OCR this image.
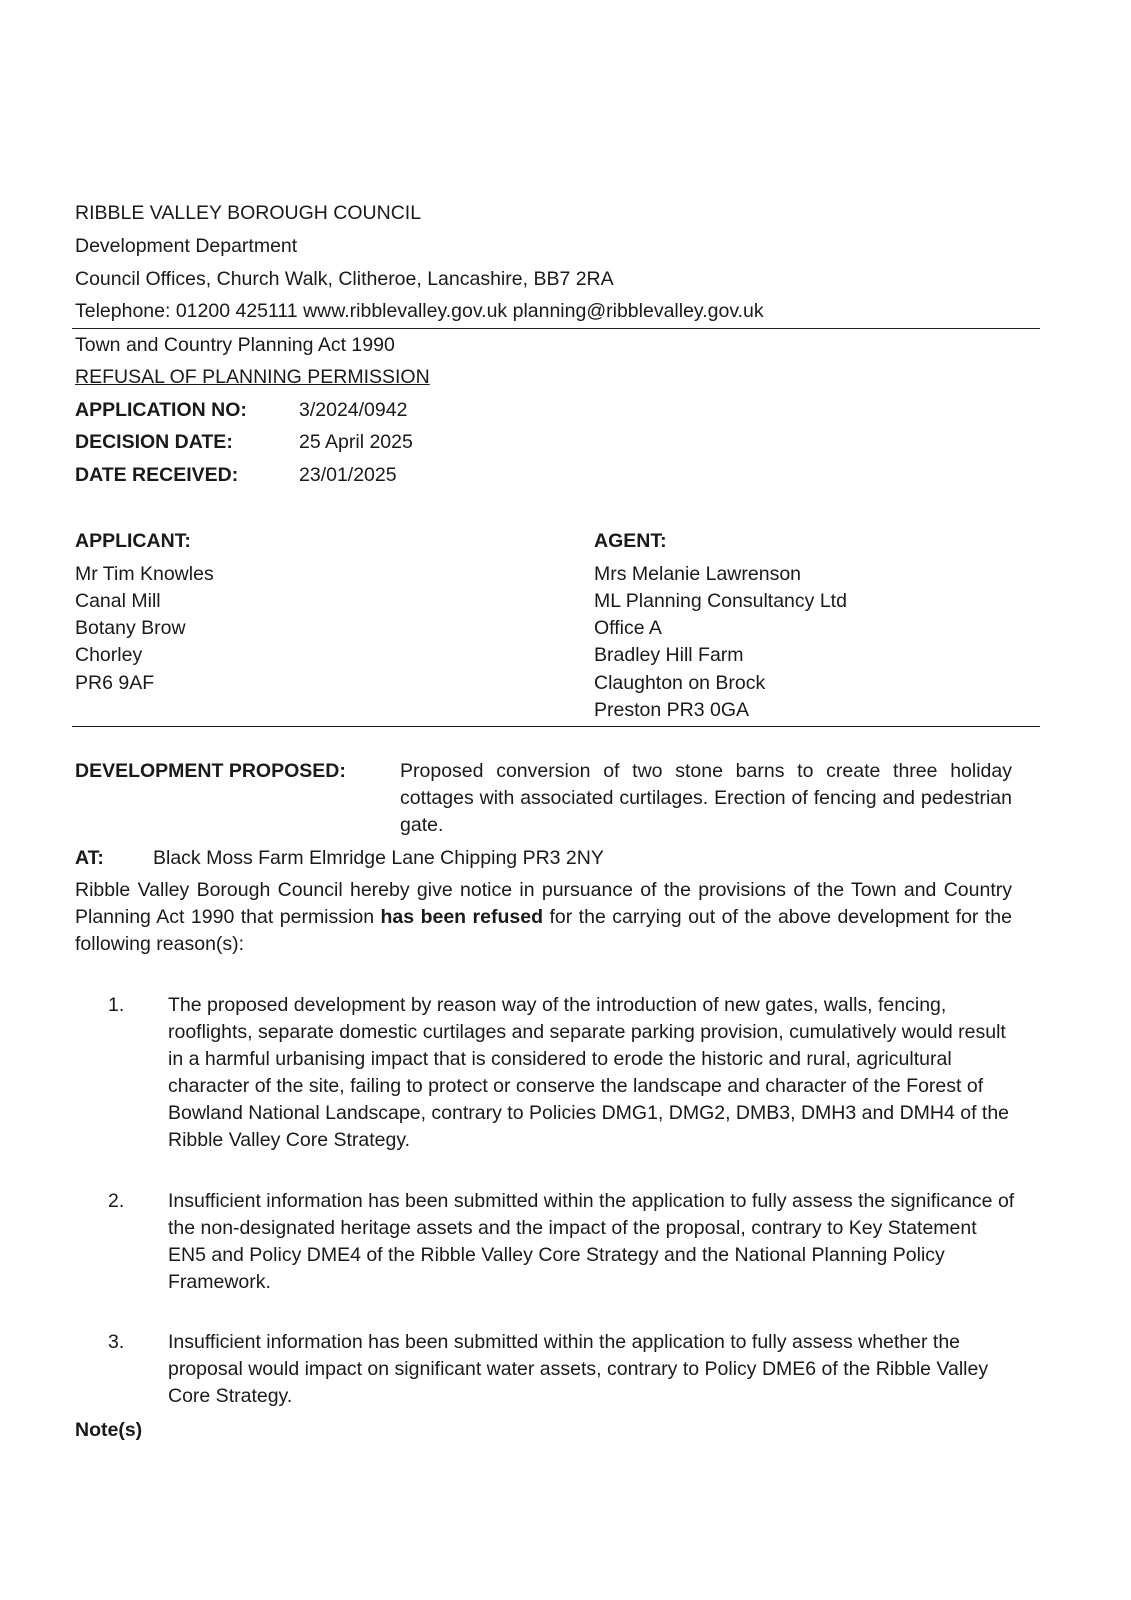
RIBBLE VALLEY BOROUGH COUNCIL
Development Department
Council Offices, Church Walk, Clitheroe, Lancashire, BB7 2RA
Telephone: 01200 425111 www.ribblevalley.gov.uk planning@ribblevalley.gov.uk
Town and Country Planning Act 1990
REFUSAL OF PLANNING PERMISSION
APPLICATION NO:	3/2024/0942
DECISION DATE:	25 April 2025
DATE RECEIVED:	23/01/2025
APPLICANT:
Mr Tim Knowles
Canal Mill
Botany Brow
Chorley
PR6 9AF
AGENT:
Mrs Melanie Lawrenson
ML Planning Consultancy Ltd
Office A
Bradley Hill Farm
Claughton on Brock
Preston PR3 0GA
DEVELOPMENT PROPOSED:	Proposed conversion of two stone barns to create three holiday cottages with associated curtilages. Erection of fencing and pedestrian gate.
AT:	Black Moss Farm Elmridge Lane Chipping PR3 2NY
Ribble Valley Borough Council hereby give notice in pursuance of the provisions of the Town and Country Planning Act 1990 that permission has been refused for the carrying out of the above development for the following reason(s):
1. The proposed development by reason way of the introduction of new gates, walls, fencing, rooflights, separate domestic curtilages and separate parking provision, cumulatively would result in a harmful urbanising impact that is considered to erode the historic and rural, agricultural character of the site, failing to protect or conserve the landscape and character of the Forest of Bowland National Landscape, contrary to Policies DMG1, DMG2, DMB3, DMH3 and DMH4 of the Ribble Valley Core Strategy.
2. Insufficient information has been submitted within the application to fully assess the significance of the non-designated heritage assets and the impact of the proposal, contrary to Key Statement EN5 and Policy DME4 of the Ribble Valley Core Strategy and the National Planning Policy Framework.
3. Insufficient information has been submitted within the application to fully assess whether the proposal would impact on significant water assets, contrary to Policy DME6 of the Ribble Valley Core Strategy.
Note(s)
